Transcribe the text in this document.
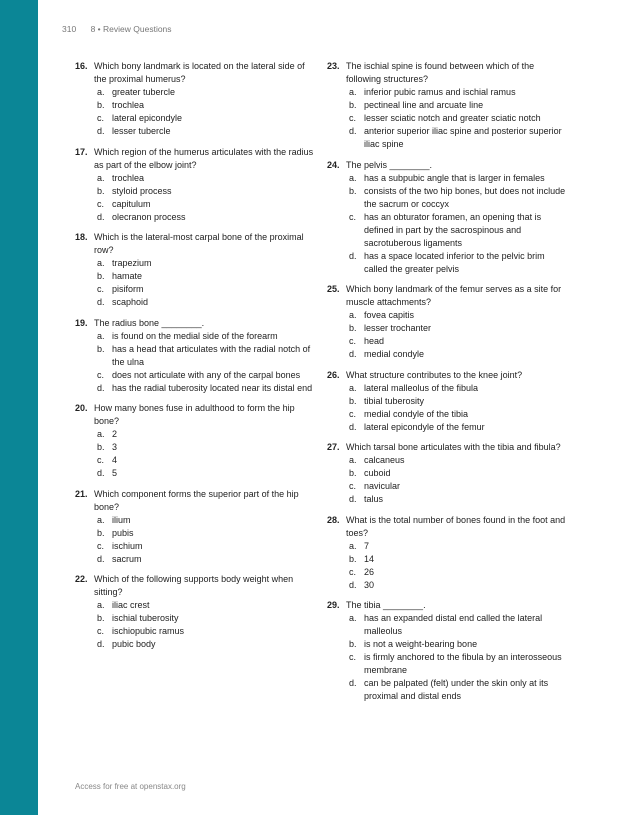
310 8 • Review Questions
16. Which bony landmark is located on the lateral side of the proximal humerus?
a. greater tubercle
b. trochlea
c. lateral epicondyle
d. lesser tubercle
17. Which region of the humerus articulates with the radius as part of the elbow joint?
a. trochlea
b. styloid process
c. capitulum
d. olecranon process
18. Which is the lateral-most carpal bone of the proximal row?
a. trapezium
b. hamate
c. pisiform
d. scaphoid
19. The radius bone ________.
a. is found on the medial side of the forearm
b. has a head that articulates with the radial notch of the ulna
c. does not articulate with any of the carpal bones
d. has the radial tuberosity located near its distal end
20. How many bones fuse in adulthood to form the hip bone?
a. 2
b. 3
c. 4
d. 5
21. Which component forms the superior part of the hip bone?
a. ilium
b. pubis
c. ischium
d. sacrum
22. Which of the following supports body weight when sitting?
a. iliac crest
b. ischial tuberosity
c. ischiopubic ramus
d. pubic body
23. The ischial spine is found between which of the following structures?
a. inferior pubic ramus and ischial ramus
b. pectineal line and arcuate line
c. lesser sciatic notch and greater sciatic notch
d. anterior superior iliac spine and posterior superior iliac spine
24. The pelvis ________.
a. has a subpubic angle that is larger in females
b. consists of the two hip bones, but does not include the sacrum or coccyx
c. has an obturator foramen, an opening that is defined in part by the sacrospinous and sacrotuberous ligaments
d. has a space located inferior to the pelvic brim called the greater pelvis
25. Which bony landmark of the femur serves as a site for muscle attachments?
a. fovea capitis
b. lesser trochanter
c. head
d. medial condyle
26. What structure contributes to the knee joint?
a. lateral malleolus of the fibula
b. tibial tuberosity
c. medial condyle of the tibia
d. lateral epicondyle of the femur
27. Which tarsal bone articulates with the tibia and fibula?
a. calcaneus
b. cuboid
c. navicular
d. talus
28. What is the total number of bones found in the foot and toes?
a. 7
b. 14
c. 26
d. 30
29. The tibia ________.
a. has an expanded distal end called the lateral malleolus
b. is not a weight-bearing bone
c. is firmly anchored to the fibula by an interosseous membrane
d. can be palpated (felt) under the skin only at its proximal and distal ends
Access for free at openstax.org
